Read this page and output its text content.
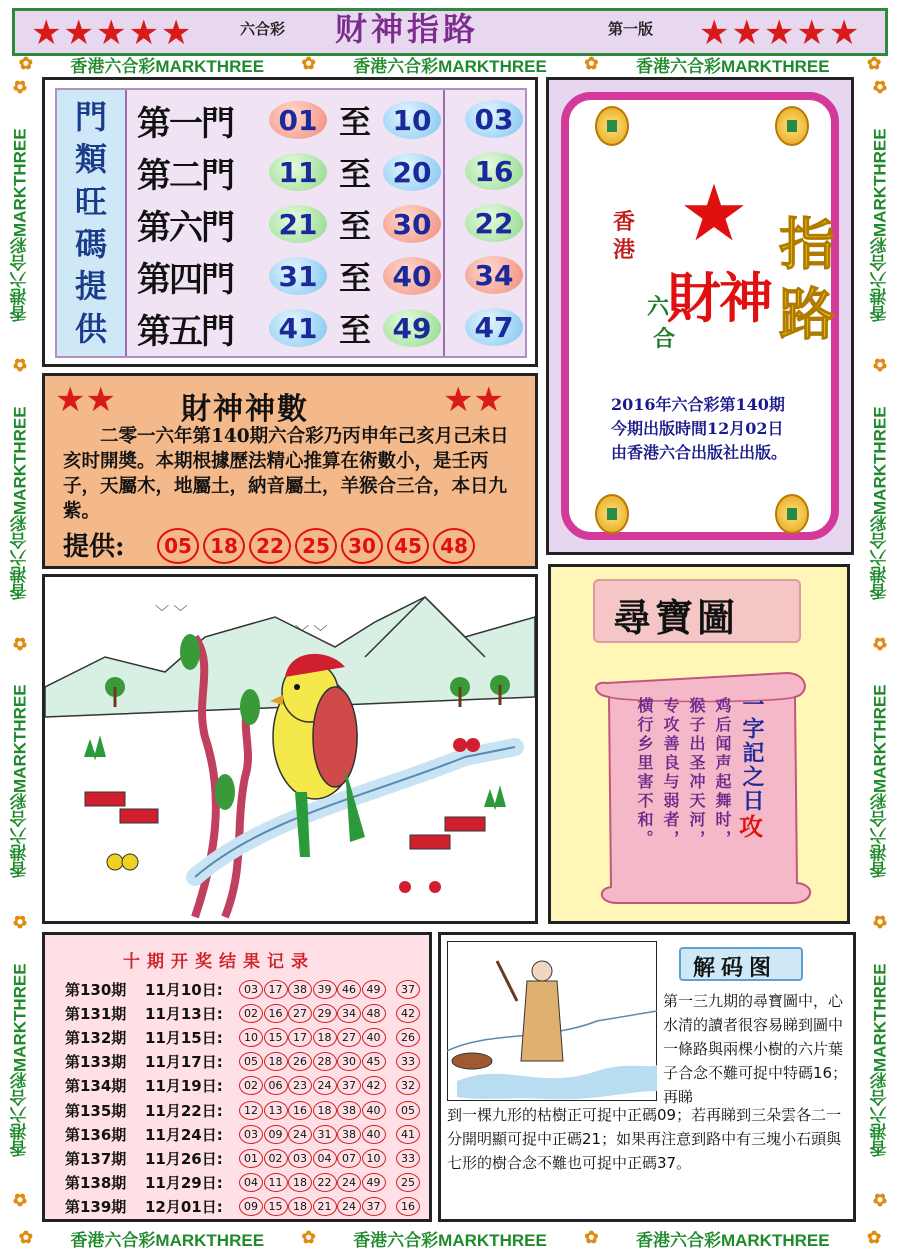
★★★★★	★★★★★
六合彩 财神指路	第一版
✿ 香港六合彩MARKTHREE ✿ 香港六合彩MARKTHREE ✿ 香港六合彩MARKTHREE ✿
✿ 香港六合彩MARKTHREE ✿ 香港六合彩MARKTHREE ✿ 香港六合彩MARKTHREE ✿
✿
香港六合彩MARKTHREE
✿
香港六合彩MARKTHREE
✿
香港六合彩MARKTHREE
✿
香港六合彩MARKTHREE
✿
✿
香港六合彩MARKTHREE
✿
香港六合彩MARKTHREE
✿
香港六合彩MARKTHREE
✿
香港六合彩MARKTHREE
✿
門
類
旺
碼
提
供
第一門	01 至 10	03
第二門	11 至 20	16
第六門	21 至 30	22
第四門	31 至 40	34
第五門	41 至 49	47
★
香港
六
合
財神
指路
2016年六合彩第140期
今期出版時間12月02日
由香港六合出版社出版。
★★	★★
財神神數
二零一六年第140期六合彩乃丙申年己亥月己未日亥时開奬。本期根據歷法精心推算在術數小，是壬丙子，天屬木，地屬土，納音屬土，羊猴合三合，本日九紫。
提供:	05 18 22 25 30 45 48
﹀ ﹀
﹀ ﹀	尋寶圖
横行乡里害不和。 专攻善良与弱者， 猴子出圣冲天河， 鸡后闻声起舞时， 一字記之日
攻
十期开奖结果记录
第130期	11月10日:	03 17 38 39 46 49	37
第131期	11月13日:	02 16 27 29 34 48	42
第132期	11月15日:	10 15 17 18 27 40	26
第133期	11月17日:	05 18 26 28 30 45	33
第134期	11月19日:	02 06 23 24 37 42	32
第135期	11月22日:	12 13 16 18 38 40	05
第136期	11月24日:	03 09 24 31 38 40	41
第137期	11月26日:	01 02 03 04 07 10	33
第138期	11月29日:	04 11 18 22 24 49	25
第139期	12月01日:	09 15 18 21 24 37	16
解码图
第一三九期的尋寶圖中，心水清的讀者很容易睇到圖中一條路與兩棵小樹的六片葉子合念不難可捉中特碼16；再睇
到一棵九形的枯樹正可捉中正碼09；若再睇到三朵雲各二一分開明顯可捉中正碼21；如果再注意到路中有三塊小石頭與七形的樹合念不難也可捉中正碼37。
